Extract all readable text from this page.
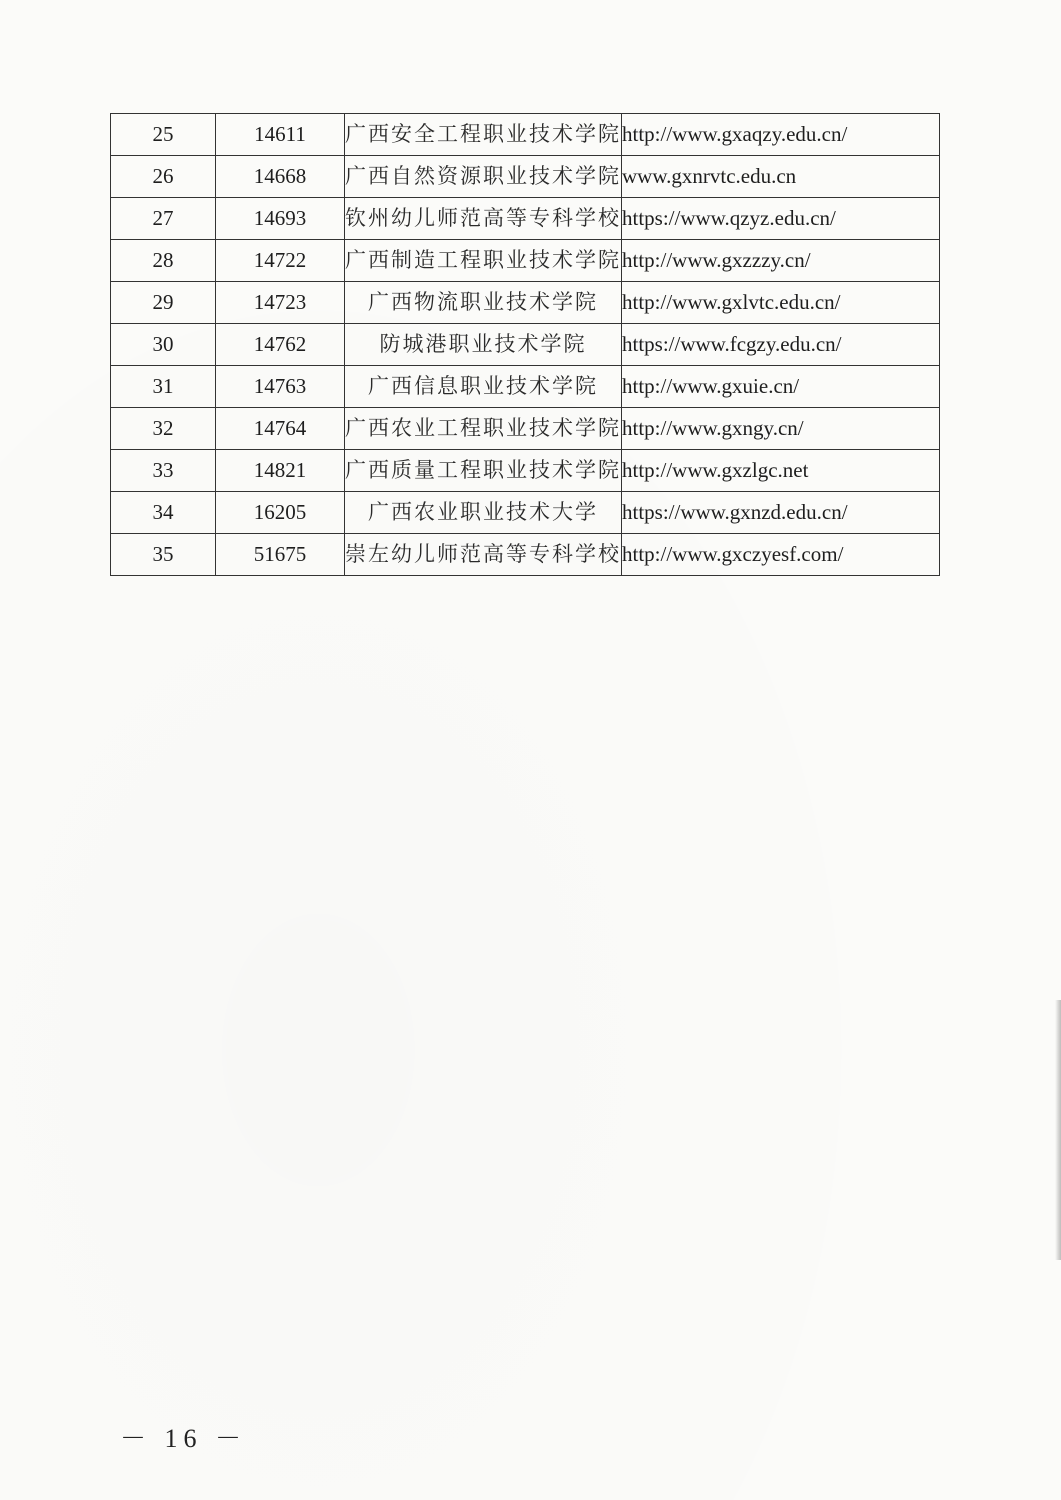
25	14611	广西安全工程职业技术学院	http://www.gxaqzy.edu.cn/
26	14668	广西自然资源职业技术学院	www.gxnrvtc.edu.cn
27	14693	钦州幼儿师范高等专科学校	https://www.qzyz.edu.cn/
28	14722	广西制造工程职业技术学院	http://www.gxzzzy.cn/
29	14723	广西物流职业技术学院	http://www.gxlvtc.edu.cn/
30	14762	防城港职业技术学院	https://www.fcgzy.edu.cn/
31	14763	广西信息职业技术学院	http://www.gxuie.cn/
32	14764	广西农业工程职业技术学院	http://www.gxngy.cn/
33	14821	广西质量工程职业技术学院	http://www.gxzlgc.net
34	16205	广西农业职业技术大学	https://www.gxnzd.edu.cn/
35	51675	崇左幼儿师范高等专科学校	http://www.gxczyesf.com/
－ 16 －
